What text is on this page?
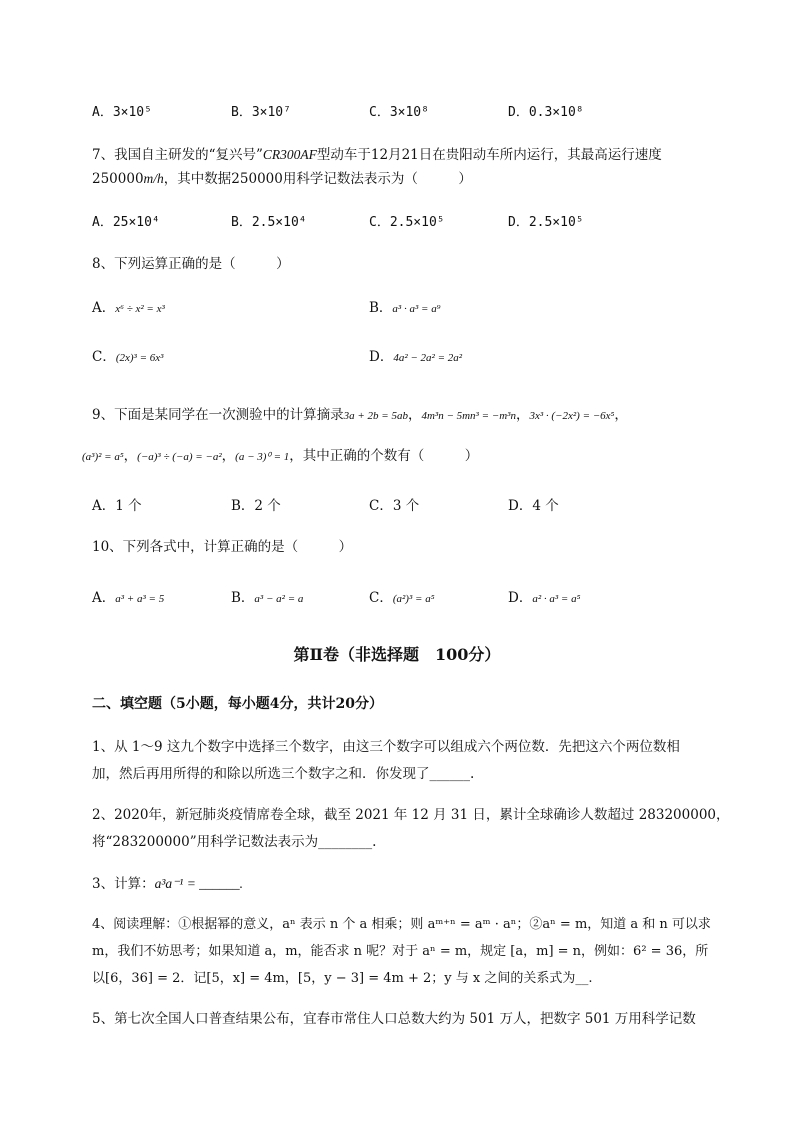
A．3×10⁵	B．3×10⁷	C．3×10⁸	D．0.3×10⁸
7、我国自主研发的“复兴号”CR300AF型动车于12月21日在贵阳动车所内运行，其最高运行速度
250000m/h，其中数据250000用科学记数法表示为（　　　）
A．25×10⁴	B．2.5×10⁴	C．2.5×10⁵	D．2.5×10⁵
8、下列运算正确的是（　　　）
A．x⁶ ÷ x² = x³	B．a³ · a³ = a⁹
C．(2x)³ = 6x³	D．4a² − 2a² = 2a²
9、下面是某同学在一次测验中的计算摘录3a + 2b = 5ab，4m³n − 5mn³ = −m³n，3x³ · (−2x²) = −6x⁵，
(a³)² = a⁵，(−a)³ ÷ (−a) = −a²，(a − 3)⁰ = 1，其中正确的个数有（　　　）
A．1 个	B．2 个	C．3 个	D．4 个
10、下列各式中，计算正确的是（　　　）
A．a³ + a³ = 5	B．a³ − a² = a	C．(a²)³ = a⁵	D．a² · a³ = a⁵
第Ⅱ卷（非选择题　100分）
二、填空题（5小题，每小题4分，共计20分）
1、从 1～9 这九个数字中选择三个数字，由这三个数字可以组成六个两位数．先把这六个两位数相
加，然后再用所得的和除以所选三个数字之和．你发现了______.
2、2020年，新冠肺炎疫情席卷全球，截至 2021 年 12 月 31 日，累计全球确诊人数超过 283200000，
将“283200000”用科学记数法表示为________.
3、计算：a³a⁻¹ = ______.
4、阅读理解：①根据幂的意义，aⁿ 表示 n 个 a 相乘；则 aᵐ⁺ⁿ = aᵐ · aⁿ；②aⁿ = m，知道 a 和 n 可以求
m，我们不妨思考；如果知道 a，m，能否求 n 呢？对于 aⁿ = m，规定 [a，m] = n，例如：6² = 36，所
以[6，36] = 2．记[5，x] = 4m，[5，y − 3] = 4m + 2；y 与 x 之间的关系式为__.
5、第七次全国人口普查结果公布，宜春市常住人口总数大约为 501 万人，把数字 501 万用科学记数
